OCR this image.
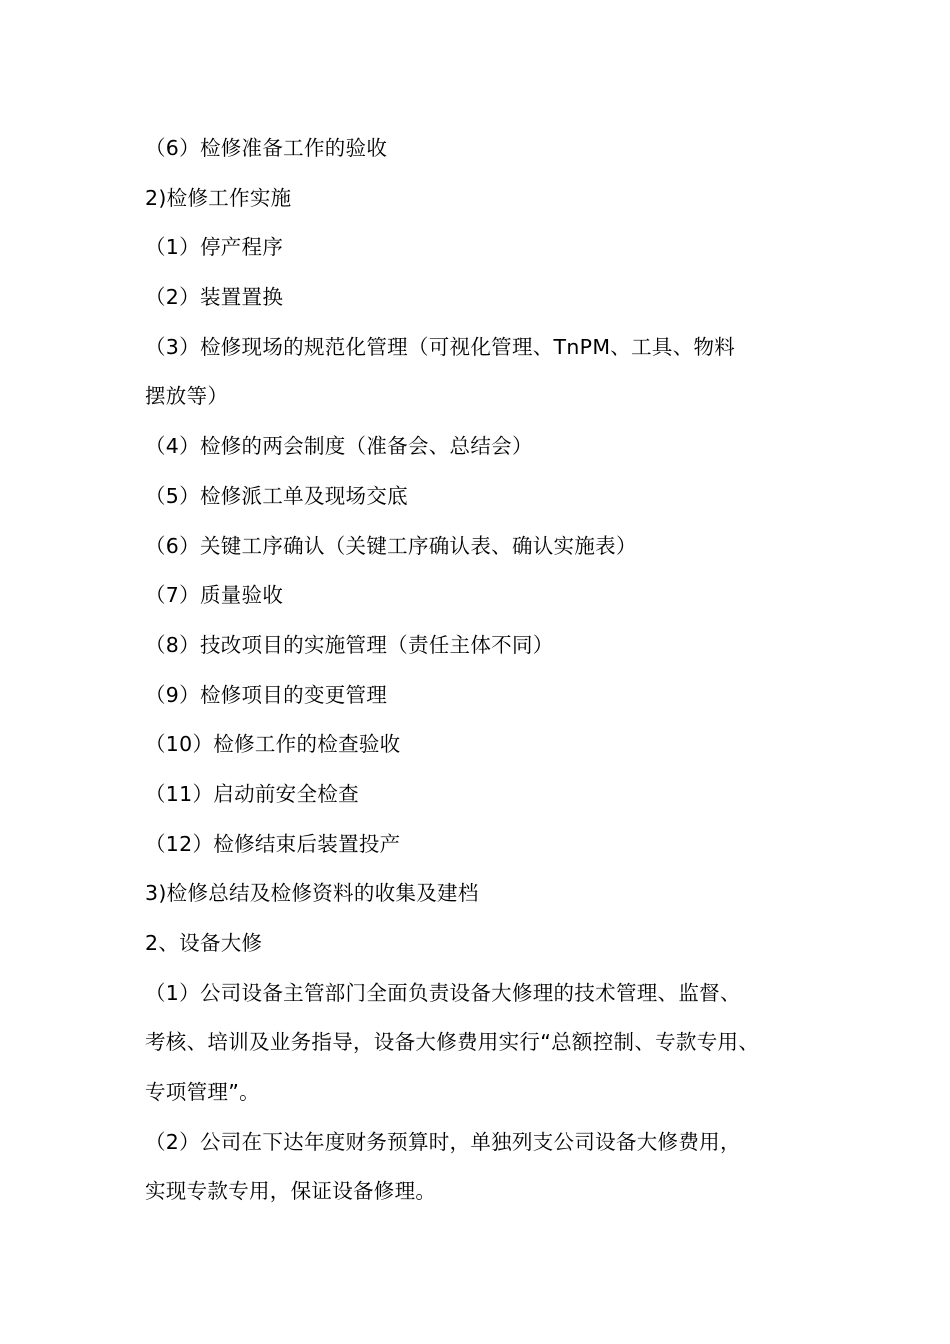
（6）检修准备工作的验收
2)检修工作实施
（1）停产程序
（2）装置置换
（3）检修现场的规范化管理（可视化管理、TnPM、工具、物料
摆放等）
（4）检修的两会制度（准备会、总结会）
（5）检修派工单及现场交底
（6）关键工序确认（关键工序确认表、确认实施表）
（7）质量验收
（8）技改项目的实施管理（责任主体不同）
（9）检修项目的变更管理
（10）检修工作的检查验收
（11）启动前安全检查
（12）检修结束后装置投产
3)检修总结及检修资料的收集及建档
2、设备大修
（1）公司设备主管部门全面负责设备大修理的技术管理、监督、
考核、培训及业务指导，设备大修费用实行“总额控制、专款专用、
专项管理”。
（2）公司在下达年度财务预算时，单独列支公司设备大修费用，
实现专款专用，保证设备修理。
